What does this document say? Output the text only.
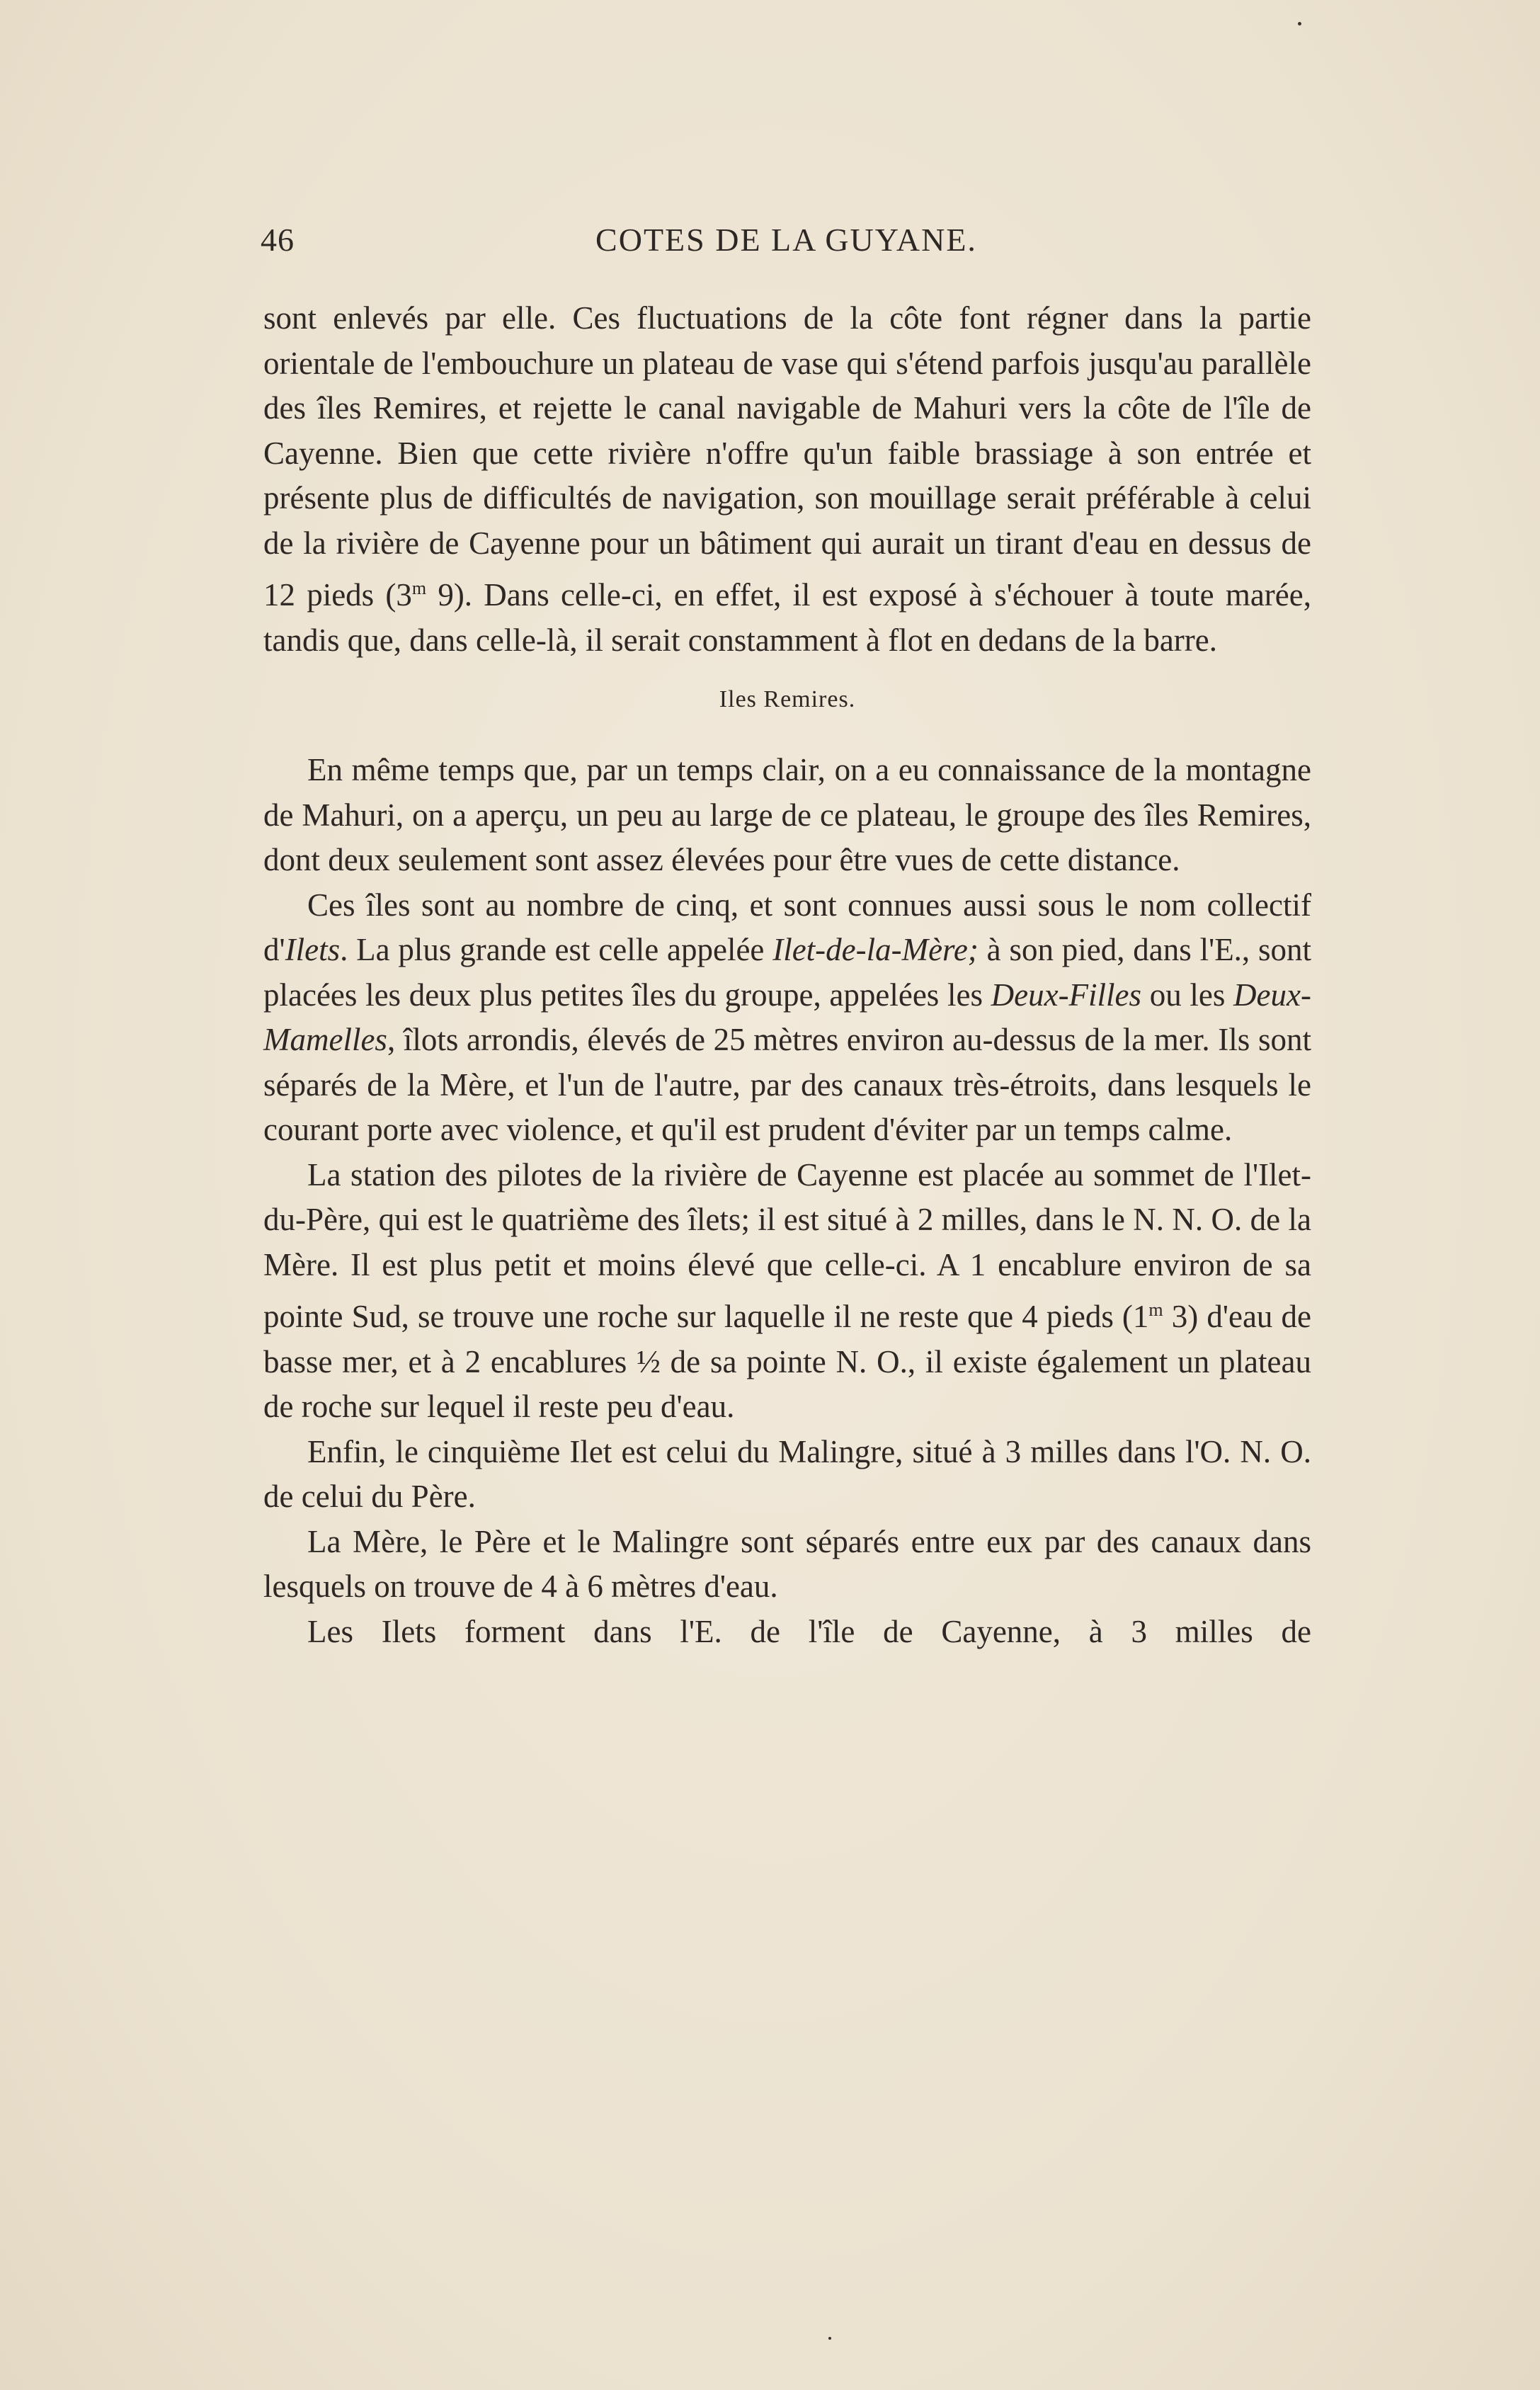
46	COTES DE LA GUYANE.

sont enlevés par elle. Ces fluctuations de la côte font régner dans la partie orientale de l'embouchure un plateau de vase qui s'étend parfois jusqu'au parallèle des îles Remires, et rejette le canal navigable de Mahuri vers la côte de l'île de Cayenne. Bien que cette rivière n'offre qu'un faible brassiage à son entrée et présente plus de difficultés de navigation, son mouillage serait préférable à celui de la rivière de Cayenne pour un bâtiment qui aurait un tirant d'eau en dessus de 12 pieds (3$^m$ 9). Dans celle-ci, en effet, il est exposé à s'échouer à toute marée, tandis que, dans celle-là, il serait constamment à flot en dedans de la barre.

Iles Remires.

En même temps que, par un temps clair, on a eu connaissance de la montagne de Mahuri, on a aperçu, un peu au large de ce plateau, le groupe des îles Remires, dont deux seulement sont assez élevées pour être vues de cette distance.

Ces îles sont au nombre de cinq, et sont connues aussi sous le nom collectif d'Ilets. La plus grande est celle appelée Ilet-de-la-Mère; à son pied, dans l'E., sont placées les deux plus petites îles du groupe, appelées les Deux-Filles ou les Deux-Mamelles, îlots arrondis, élevés de 25 mètres environ au-dessus de la mer. Ils sont séparés de la Mère, et l'un de l'autre, par des canaux très-étroits, dans lesquels le courant porte avec violence, et qu'il est prudent d'éviter par un temps calme.

La station des pilotes de la rivière de Cayenne est placée au sommet de l'Ilet-du-Père, qui est le quatrième des îlets; il est situé à 2 milles, dans le N. N. O. de la Mère. Il est plus petit et moins élevé que celle-ci. A 1 encablure environ de sa pointe Sud, se trouve une roche sur laquelle il ne reste que 4 pieds (1$^m$ 3) d'eau de basse mer, et à 2 encablures ½ de sa pointe N. O., il existe également un plateau de roche sur lequel il reste peu d'eau.

Enfin, le cinquième Ilet est celui du Malingre, situé à 3 milles dans l'O. N. O. de celui du Père.

La Mère, le Père et le Malingre sont séparés entre eux par des canaux dans lesquels on trouve de 4 à 6 mètres d'eau.

Les Ilets forment dans l'E. de l'île de Cayenne, à 3 milles de
